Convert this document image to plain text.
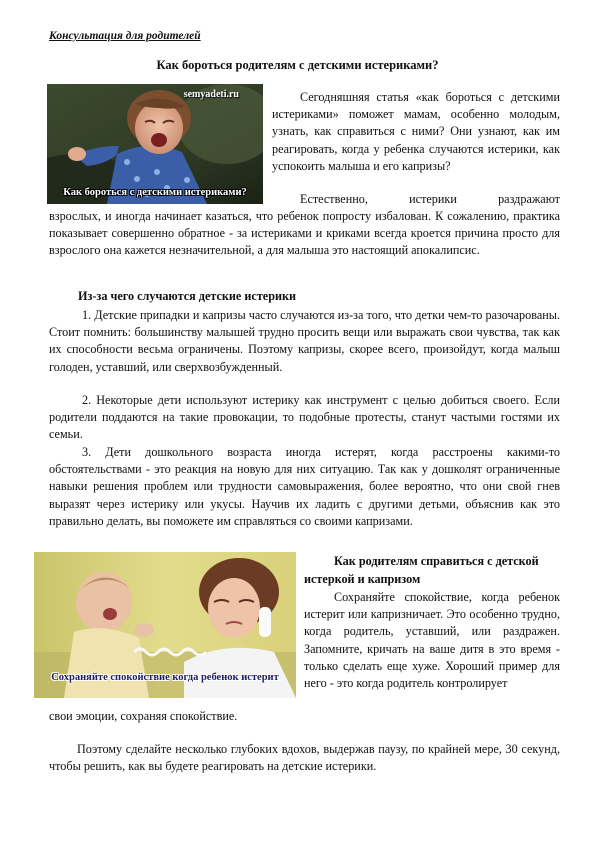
Консультация для родителей
Как бороться родителям с детскими истериками?
semyadeti.ru
Как бороться с детскими истериками?

Сегодняшняя статья «как бороться с детскими истериками» поможет мамам, особенно молодым, узнать, как справиться с ними? Они узнают, как им реагировать, когда у ребенка случаются истерики, как успокоить малыша и его капризы?

Естественно, истерики раздражают

взрослых, и иногда начинает казаться, что ребенок попросту избалован. К сожалению, практика показывает совершенно обратное - за истериками и криками всегда кроется причина просто для взрослого она кажется незначительной, а для малыша это настоящий апокалипсис.

Из-за чего случаются детские истерики

1. Детские припадки и капризы часто случаются из-за того, что детки чем-то разочарованы. Стоит помнить: большинству малышей трудно просить вещи или выражать свои чувства, так как их способности весьма ограничены. Поэтому капризы, скорее всего, произойдут, когда малыш голоден, уставший, или сверхвозбужденный.

2. Некоторые дети используют истерику как инструмент с целью добиться своего. Если родители поддаются на такие провокации, то подобные протесты, станут частыми гостями их семьи.

3. Дети дошкольного возраста иногда истерят, когда расстроены какими-то обстоятельствами - это реакция на новую для них ситуацию. Так как у дошколят ограниченные навыки решения проблем или трудности самовыражения, более вероятно, что они свой гнев выразят через истерику или укусы. Научив их ладить с другими детьми, объяснив как это правильно делать, вы поможете им справляться со своими капризами.

Сохраняйте спокойствие когда ребенок истерит
Как родителям справиться с детской истеркой и капризом

Сохраняйте спокойствие, когда ребенок истерит или капризничает. Это особенно трудно, когда родитель, уставший, или раздражен. Запомните, кричать на ваше дитя в это время - только сделать еще хуже. Хороший пример для него - это когда родитель контролирует

свои эмоции, сохраняя спокойствие.

Поэтому сделайте несколько глубоких вдохов, выдержав паузу, по крайней мере, 30 секунд, чтобы решить, как вы будете реагировать на детские истерики.
